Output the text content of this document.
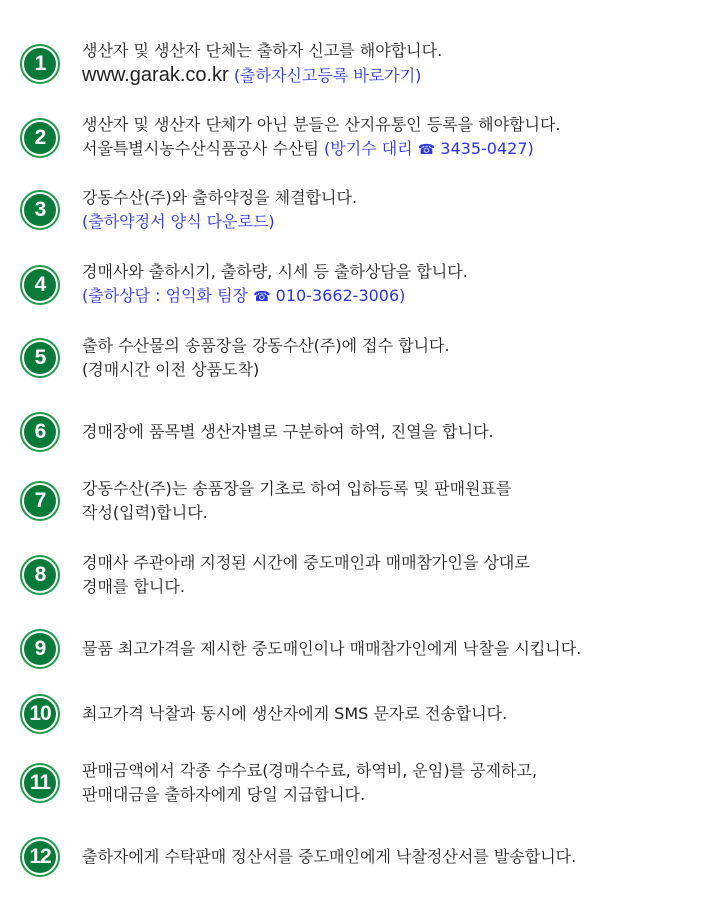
1
생산자 및 생산자 단체는 출하자 신고를 해야합니다.
www.garak.co.kr (출하자신고등록 바로가기)
2
생산자 및 생산자 단체가 아닌 분들은 산지유통인 등록을 해야합니다.
서울특별시농수산식품공사 수산팀 (방기수 대리 ☎ 3435-0427)
3
강동수산(주)와 출하약정을 체결합니다.
(출하약정서 양식 다운로드)
4
경매사와 출하시기, 출하량, 시세 등 출하상담을 합니다.
(출하상담 : 엄익화 팀장 ☎ 010-3662-3006)
5
출하 수산물의 송품장을 강동수산(주)에 접수 합니다.
(경매시간 이전 상품도착)
6	경매장에 품목별 생산자별로 구분하여 하역, 진열을 합니다.
7
강동수산(주)는 송품장을 기초로 하여 입하등록 및 판매원표를
작성(입력)합니다.
8
경매사 주관아래 지정된 시간에 중도매인과 매매참가인을 상대로
경매를 합니다.
9	물품 최고가격을 제시한 중도매인이나 매매참가인에게 낙찰을 시킵니다.
10	최고가격 낙찰과 동시에 생산자에게 SMS 문자로 전송합니다.
11
판매금액에서 각종 수수료(경매수수료, 하역비, 운임)를 공제하고,
판매대금을 출하자에게 당일 지급합니다.
12	출하자에게 수탁판매 정산서를 중도매인에게 낙찰정산서를 발송합니다.
